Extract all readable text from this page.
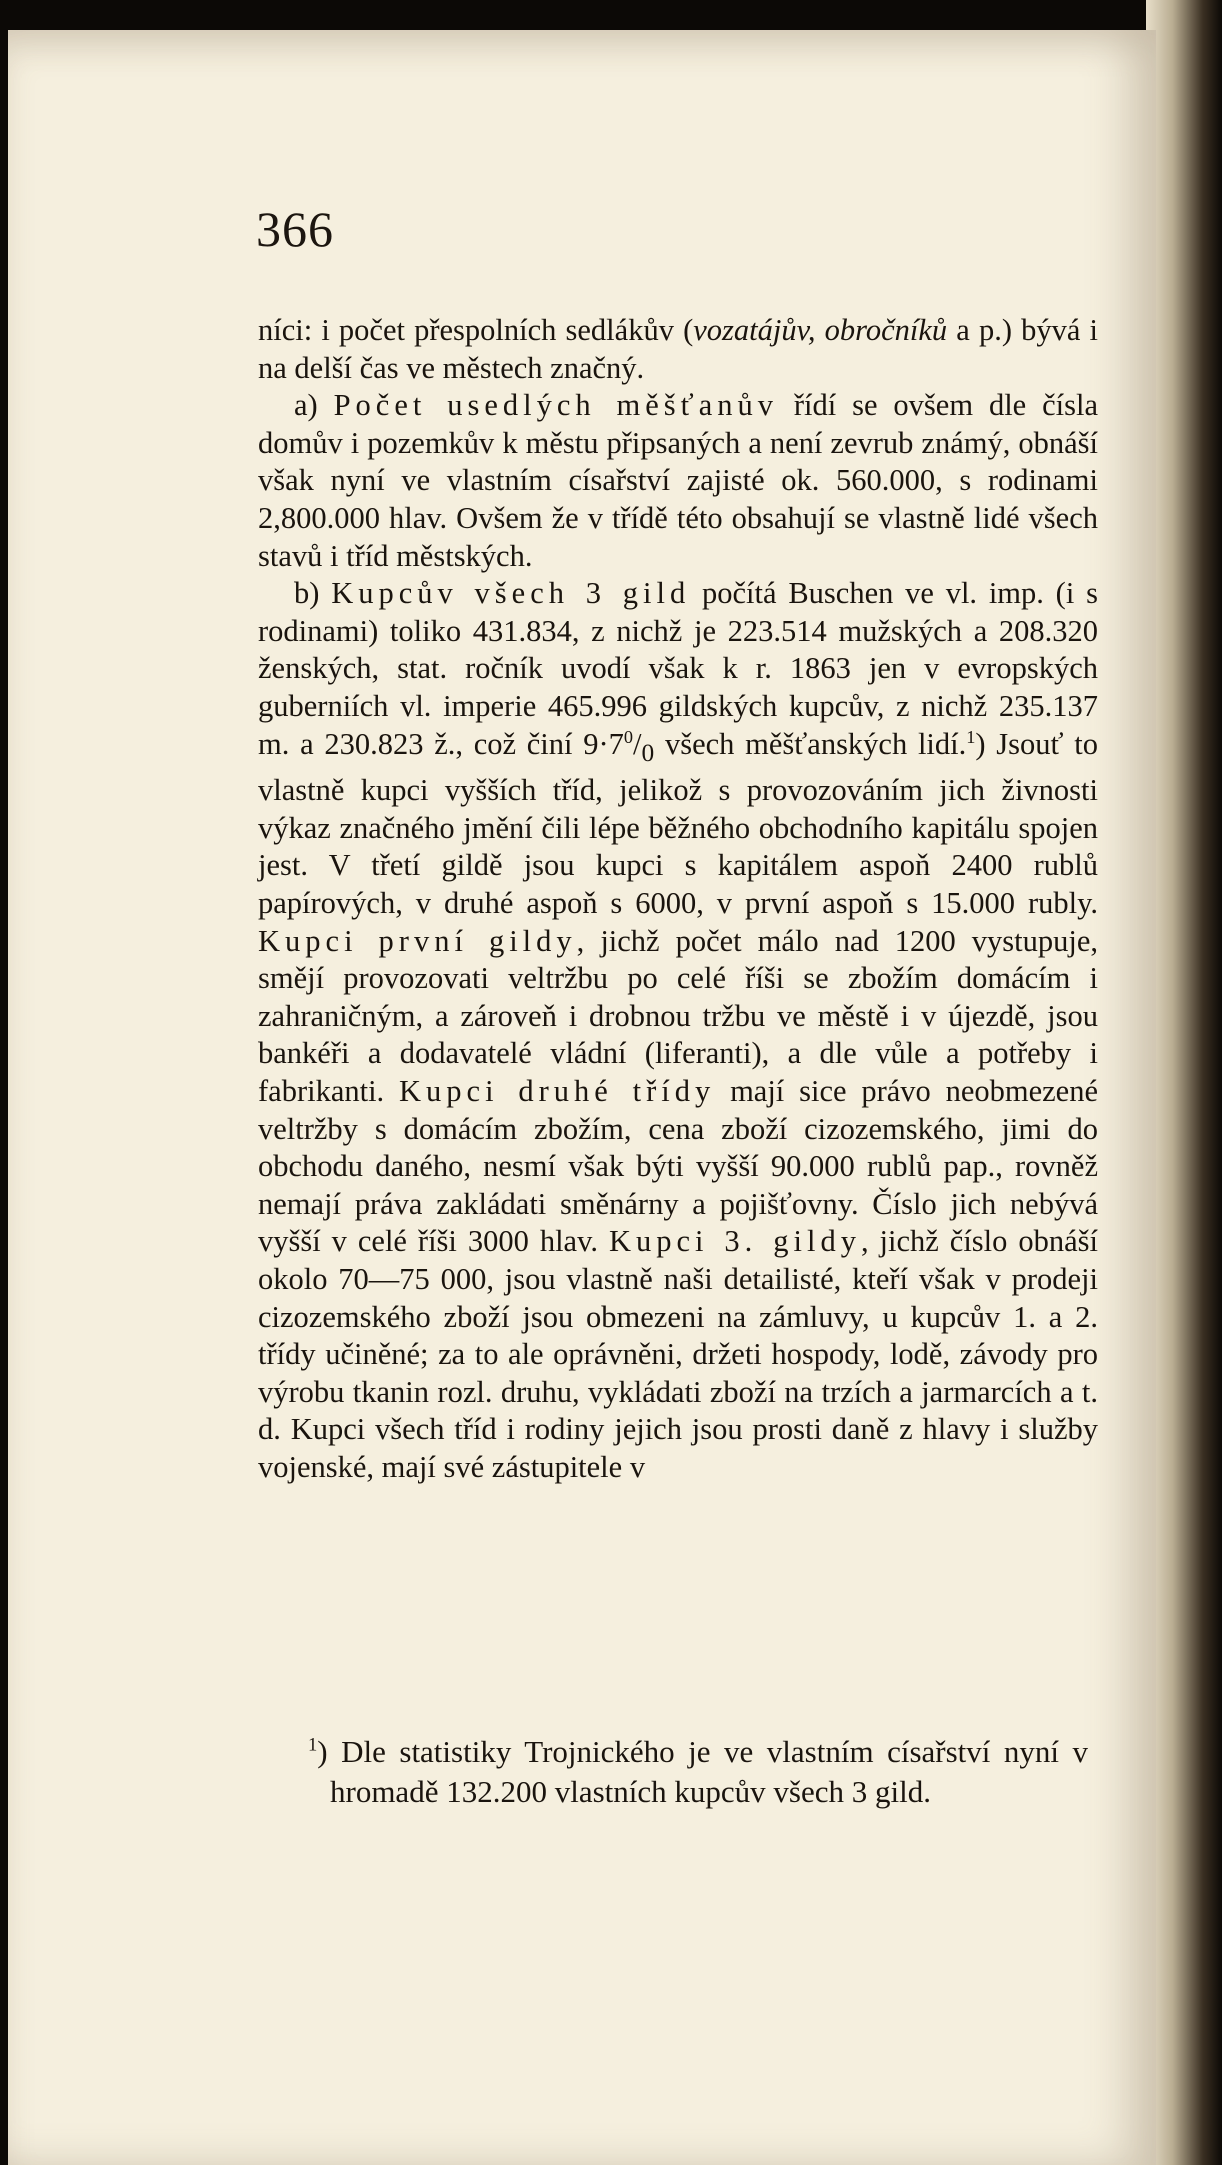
366

níci: i počet přespolních sedlákův (vozatájův, obročníků a p.) bývá i na delší čas ve městech značný.

a) Počet usedlých měšťanův řídí se ovšem dle čísla domův i pozemkův k městu připsaných a není zevrub známý, obnáší však nyní ve vlastním císařství zajisté ok. 560.000, s rodinami 2,800.000 hlav. Ovšem že v třídě této obsahují se vlastně lidé všech stavů i tříd městských.

b) Kupcův všech 3 gild počítá Buschen ve vl. imp. (i s rodinami) toliko 431.834, z nichž je 223.514 mužských a 208.320 ženských, stat. ročník uvodí však k r. 1863 jen v evropských guberniích vl. imperie 465.996 gildských kupcův, z nichž 235.137 m. a 230.823 ž., což činí $9\cdot 7^0/_0$ všech měšťanských lidí.$^1$) Jsouť to vlastně kupci vyšších tříd, jelikož s provozováním jich živnosti výkaz značného jmění čili lépe běžného obchodního kapitálu spojen jest. V třetí gildě jsou kupci s kapitálem aspoň 2400 rublů papírových, v druhé aspoň s 6000, v první aspoň s 15.000 rubly. Kupci první gildy, jichž počet málo nad 1200 vystupuje, smějí provozovati veltržbu po celé říši se zbožím domácím i zahraničným, a zároveň i drobnou tržbu ve městě i v újezdě, jsou bankéři a dodavatelé vládní (liferanti), a dle vůle a potřeby i fabrikanti. Kupci druhé třídy mají sice právo neobmezené veltržby s domácím zbožím, cena zboží cizozemského, jimi do obchodu daného, nesmí však býti vyšší 90.000 rublů pap., rovněž nemají práva zakládati směnárny a pojišťovny. Číslo jich nebývá vyšší v celé říši 3000 hlav. Kupci 3. gildy, jichž číslo obnáší okolo 70—75 000, jsou vlastně naši detailisté, kteří však v prodeji cizozemského zboží jsou obmezeni na zámluvy, u kupcův 1. a 2. třídy učiněné; za to ale oprávněni, držeti hospody, lodě, závody pro výrobu tkanin rozl. druhu, vykládati zboží na trzích a jarmarcích a t. d. Kupci všech tříd i rodiny jejich jsou prosti daně z hlavy i služby vojenské, mají své zástupitele v

$^1$) Dle statistiky Trojnického je ve vlastním císařství nyní v hromadě 132.200 vlastních kupcův všech 3 gild.
